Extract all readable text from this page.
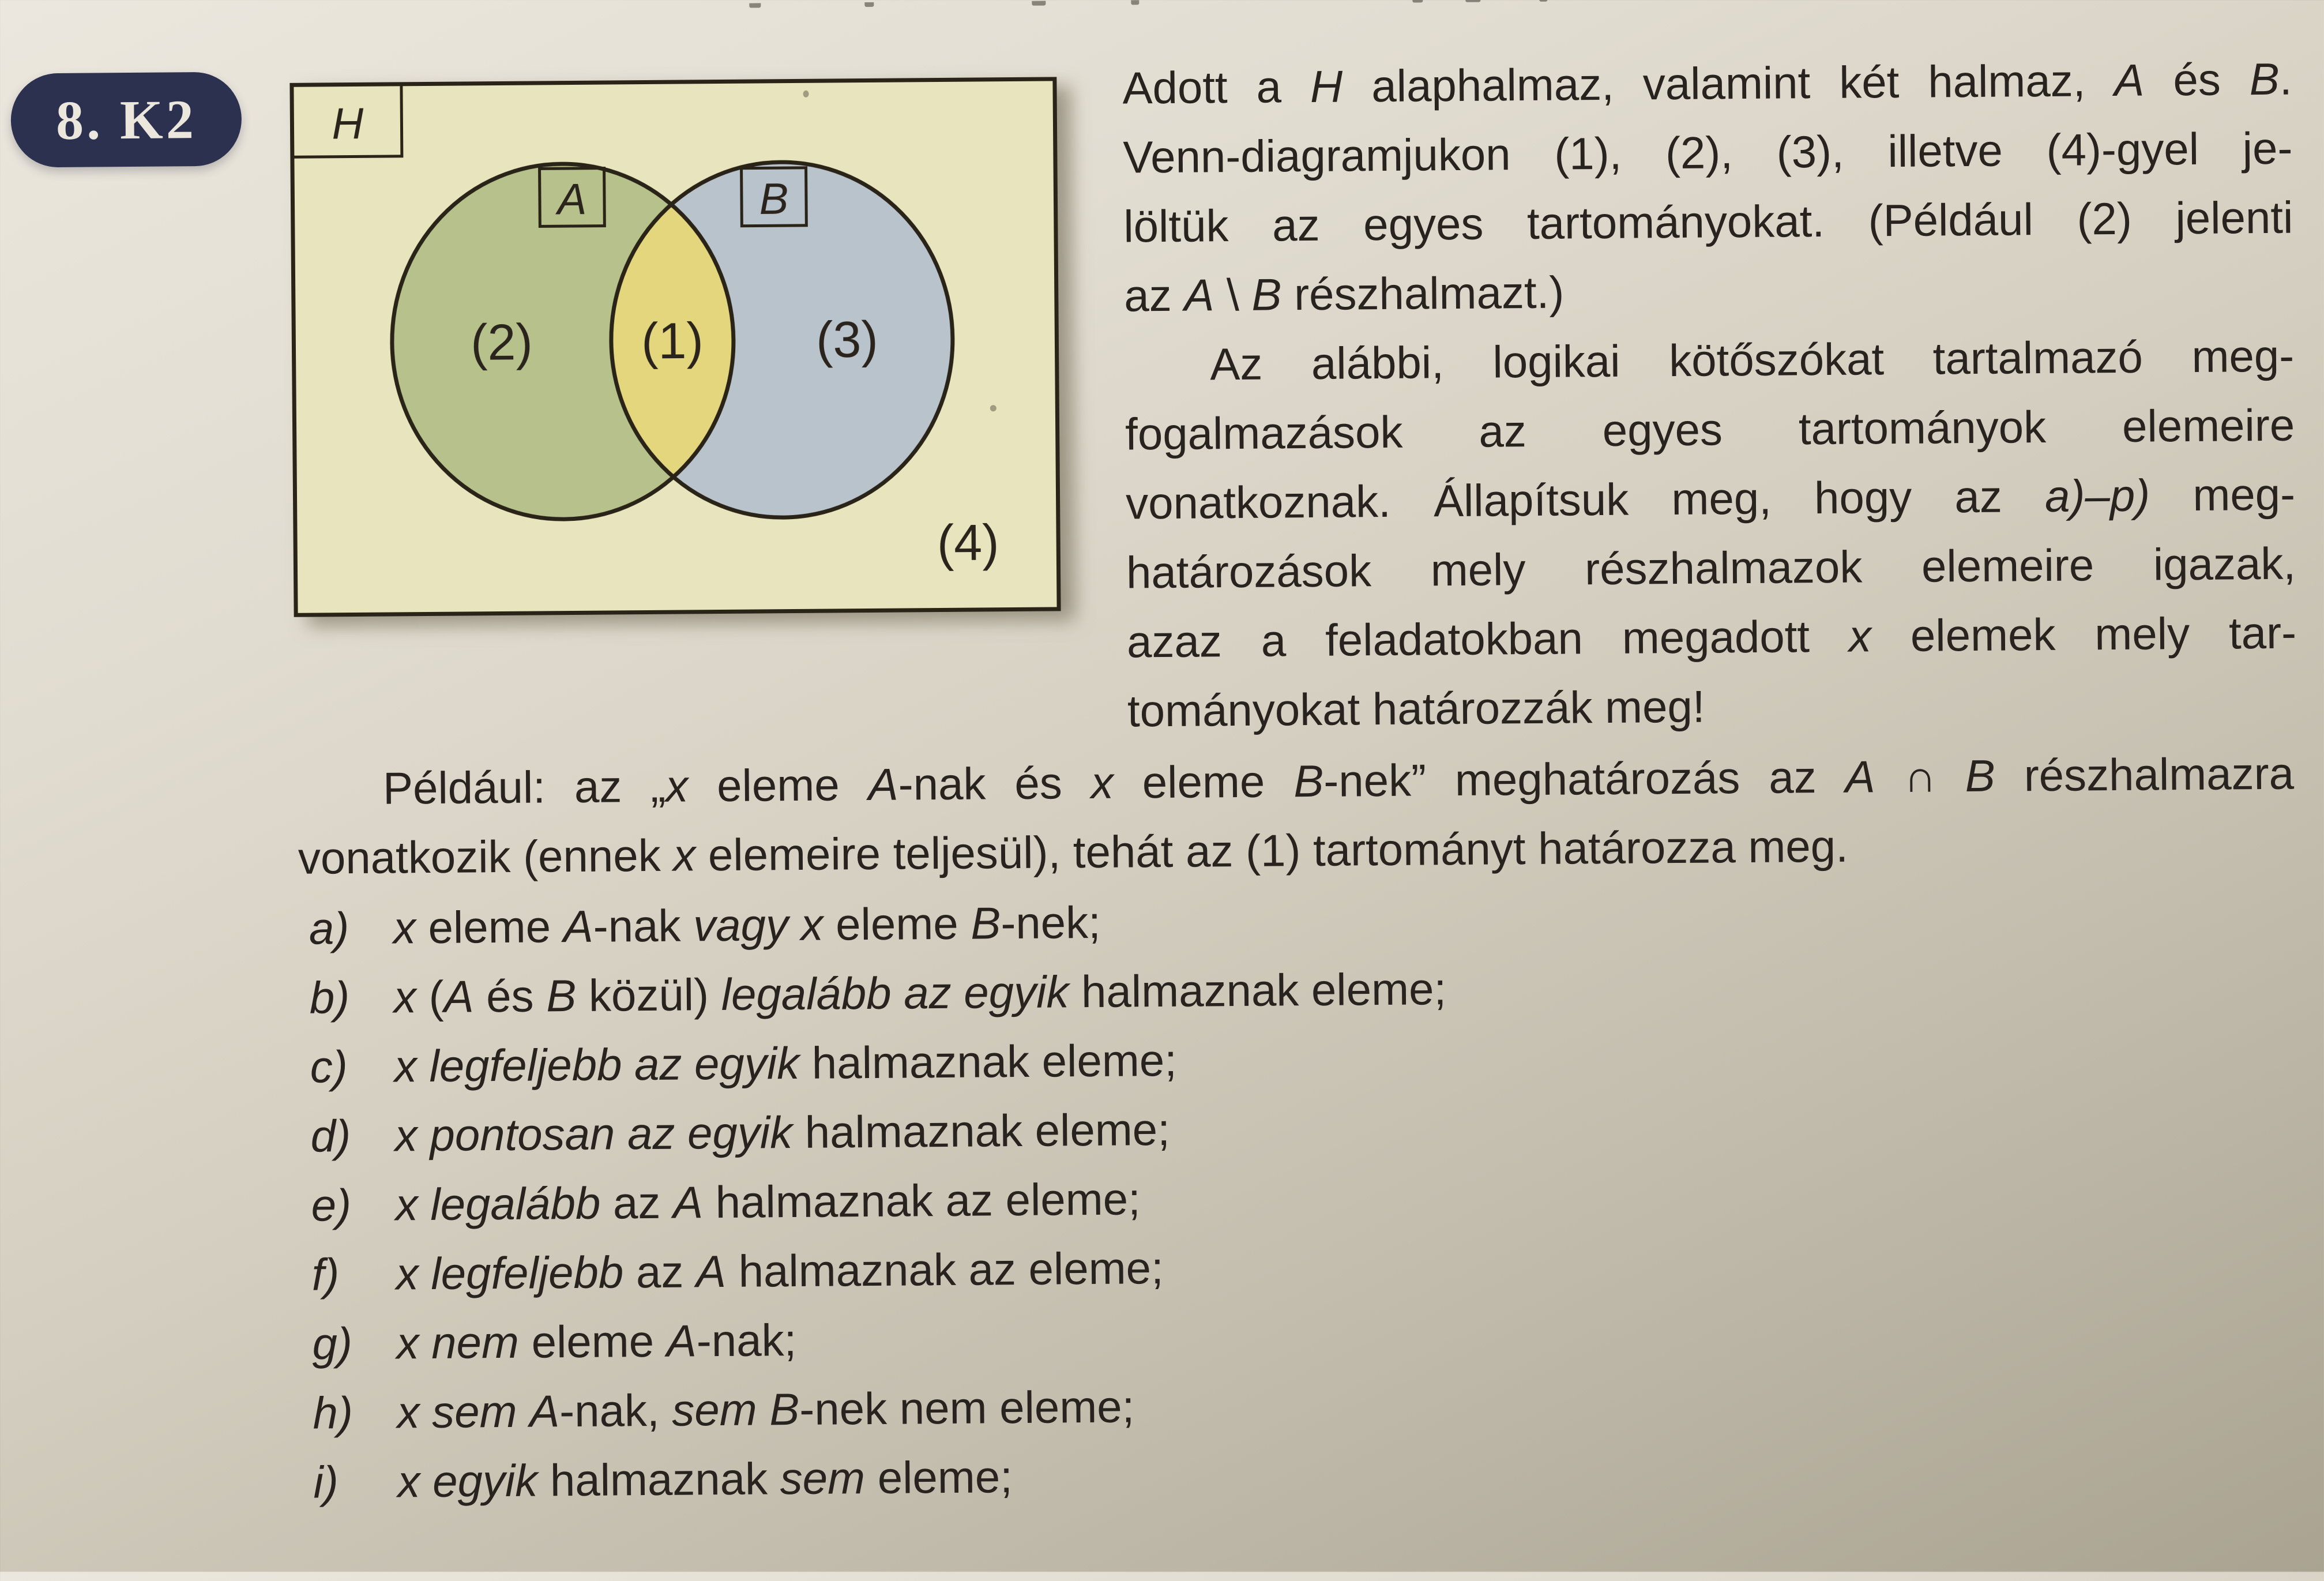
8. K2	H
A	B
(2) (1) (3)
(4)
Adott a H alaphalmaz, valamint két halmaz, A és B.
Venn-diagramjukon (1), (2), (3), illetve (4)-gyel je-
löltük az egyes tartományokat. (Például (2) jelenti
az A \ B részhalmazt.)
Az alábbi, logikai kötőszókat tartalmazó meg-
fogalmazások az egyes tartományok elemeire
vonatkoznak. Állapítsuk meg, hogy az a)–p) meg-
határozások mely részhalmazok elemeire igazak,
azaz a feladatokban megadott x elemek mely tar-
tományokat határozzák meg!
Például: az „x eleme A-nak és x eleme B-nek” meghatározás az A ∩ B részhalmazra
vonatkozik (ennek x elemeire teljesül), tehát az (1) tartományt határozza meg.
a) x eleme A-nak vagy x eleme B-nek;
b) x (A és B közül) legalább az egyik halmaznak eleme;
c) x legfeljebb az egyik halmaznak eleme;
d) x pontosan az egyik halmaznak eleme;
e) x legalább az A halmaznak az eleme;
f) x legfeljebb az A halmaznak az eleme;
g) x nem eleme A-nak;
h) x sem A-nak, sem B-nek nem eleme;
i) x egyik halmaznak sem eleme;
